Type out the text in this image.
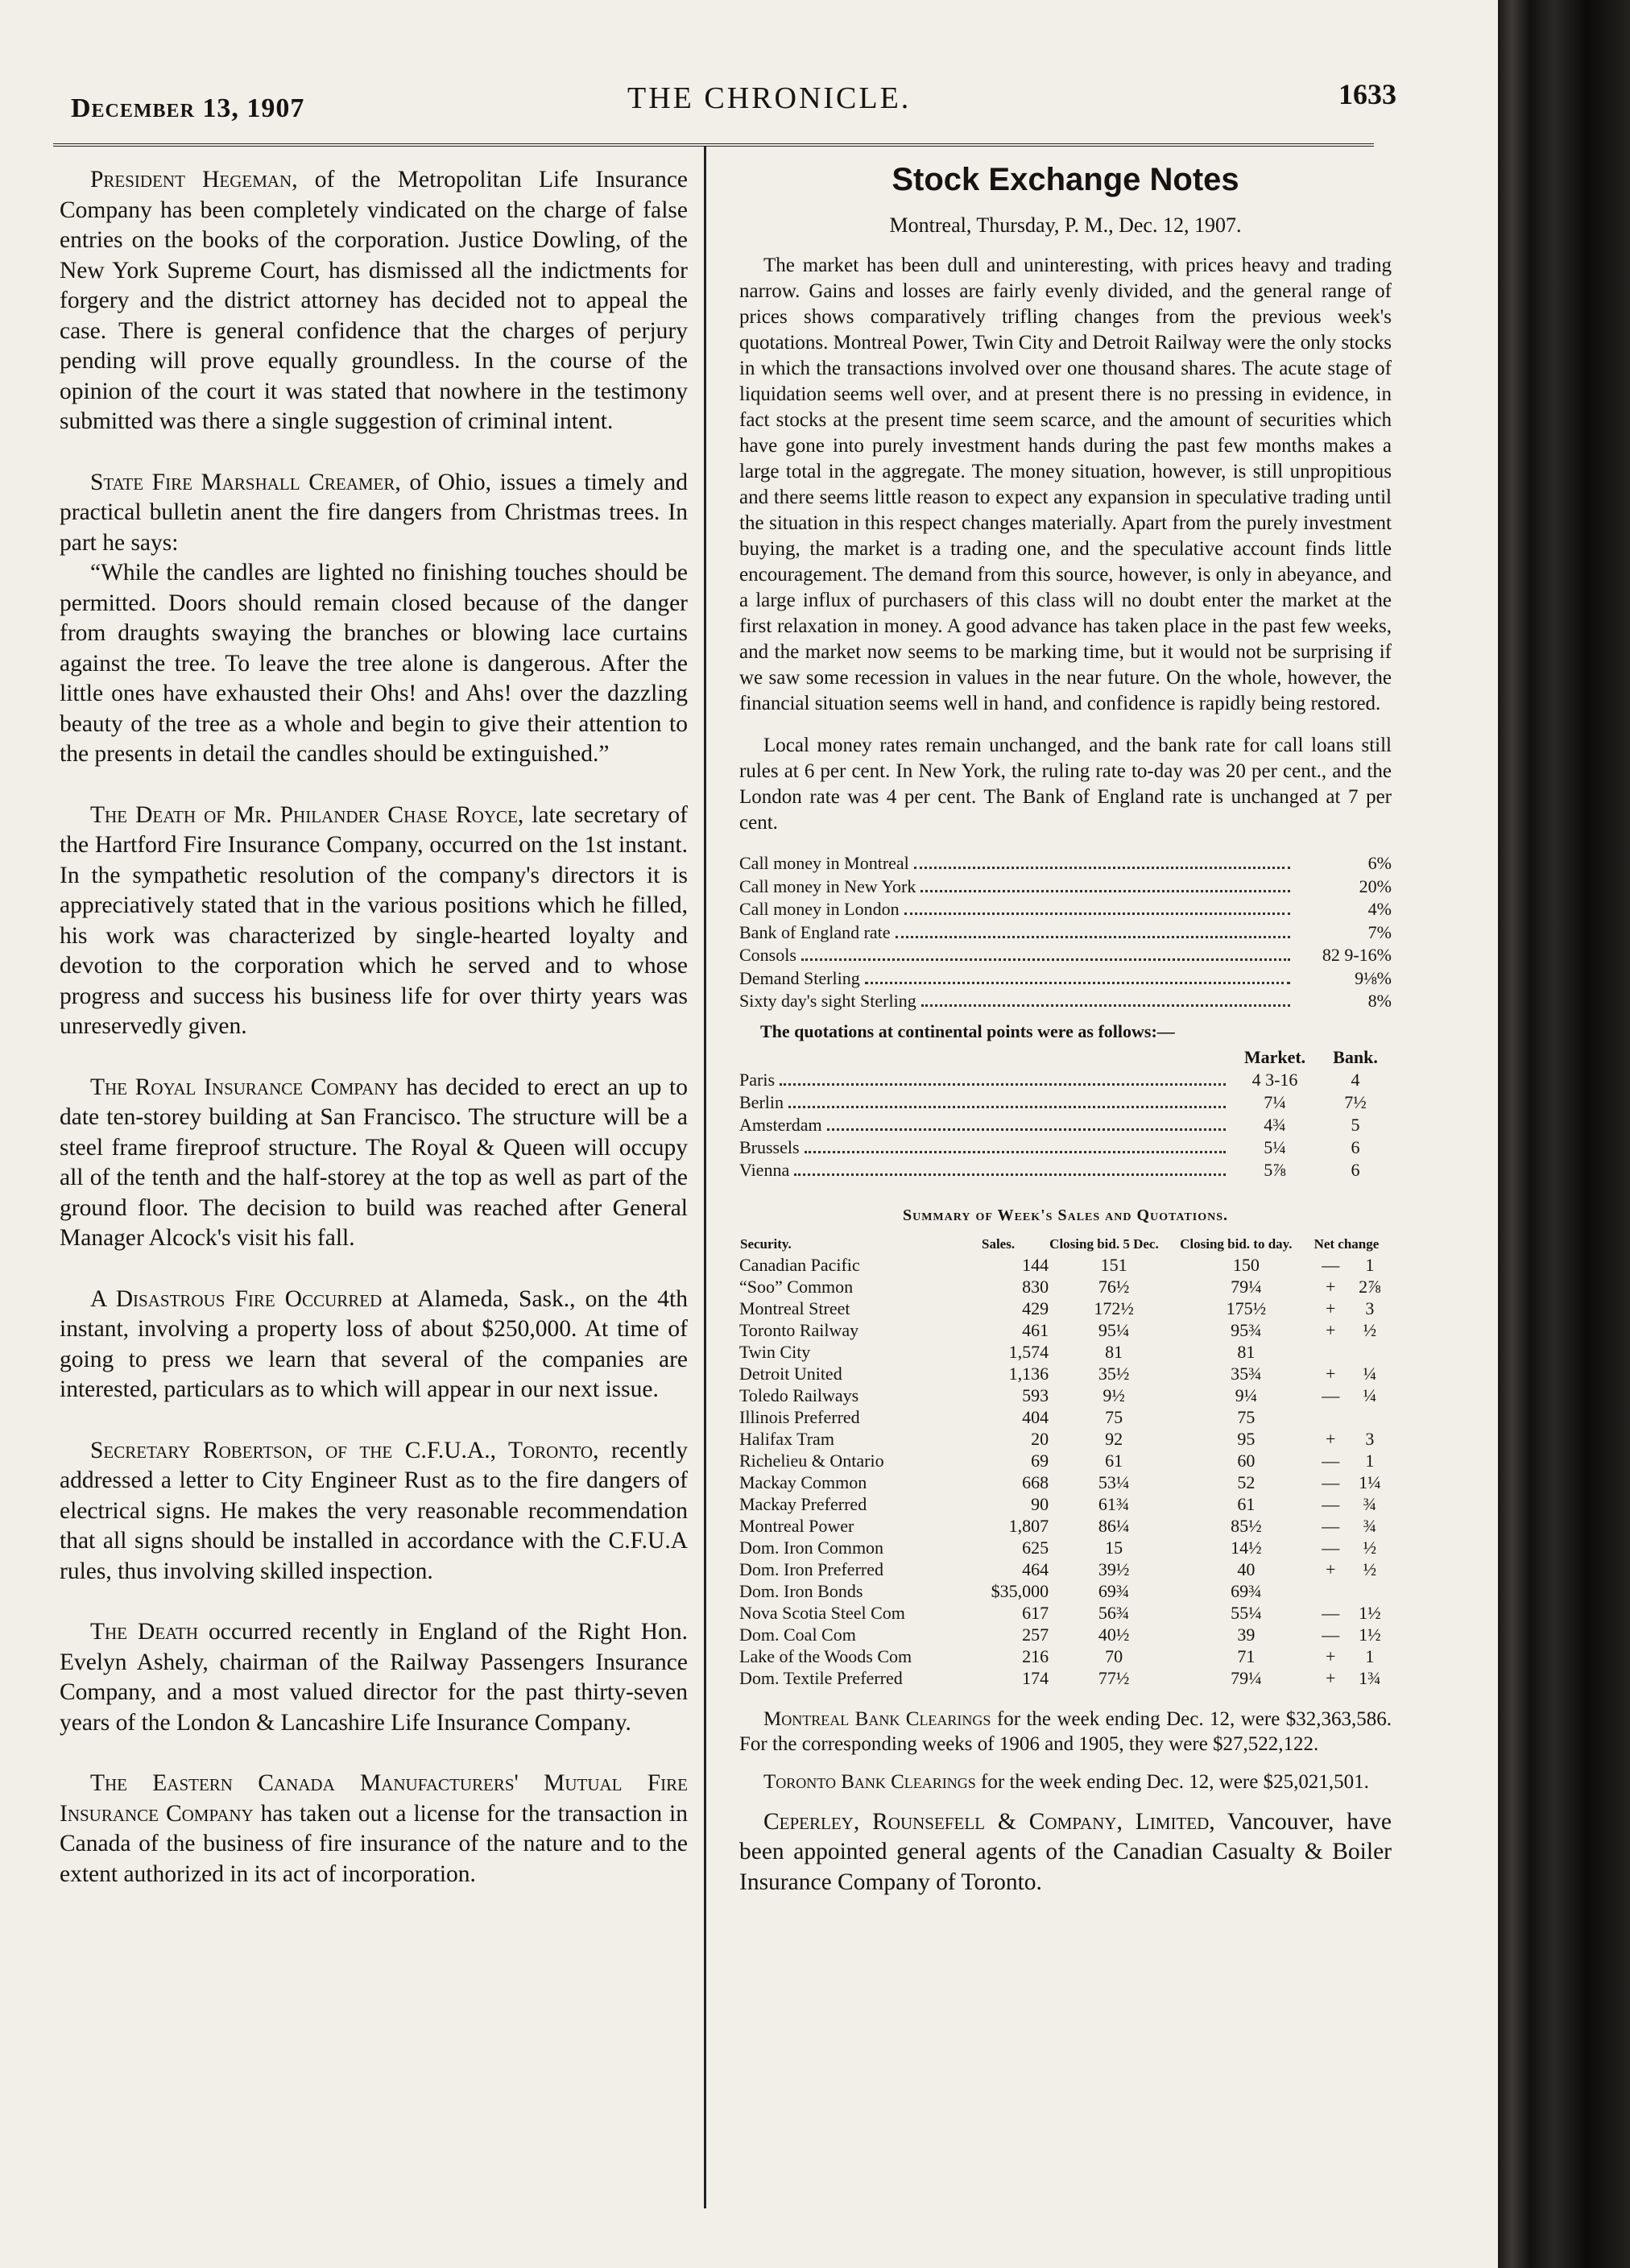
December 13, 1907	THE CHRONICLE.	1633

President Hegeman, of the Metropolitan Life Insurance Company has been completely vindicated on the charge of false entries on the books of the corporation. Justice Dowling, of the New York Supreme Court, has dismissed all the indictments for forgery and the district attorney has decided not to appeal the case. There is general confidence that the charges of perjury pending will prove equally groundless. In the course of the opinion of the court it was stated that nowhere in the testimony submitted was there a single suggestion of criminal intent.

State Fire Marshall Creamer, of Ohio, issues a timely and practical bulletin anent the fire dangers from Christmas trees. In part he says:

“While the candles are lighted no finishing touches should be permitted. Doors should remain closed because of the danger from draughts swaying the branches or blowing lace curtains against the tree. To leave the tree alone is dangerous. After the little ones have exhausted their Ohs! and Ahs! over the dazzling beauty of the tree as a whole and begin to give their attention to the presents in detail the candles should be extinguished.”

The Death of Mr. Philander Chase Royce, late secretary of the Hartford Fire Insurance Company, occurred on the 1st instant. In the sympathetic resolution of the company's directors it is appreciatively stated that in the various positions which he filled, his work was characterized by single-hearted loyalty and devotion to the corporation which he served and to whose progress and success his business life for over thirty years was unreservedly given.

The Royal Insurance Company has decided to erect an up to date ten-storey building at San Francisco. The structure will be a steel frame fireproof structure. The Royal & Queen will occupy all of the tenth and the half-storey at the top as well as part of the ground floor. The decision to build was reached after General Manager Alcock's visit his fall.

A Disastrous Fire Occurred at Alameda, Sask., on the 4th instant, involving a property loss of about $250,000. At time of going to press we learn that several of the companies are interested, particulars as to which will appear in our next issue.

Secretary Robertson, of the C.F.U.A., Toronto, recently addressed a letter to City Engineer Rust as to the fire dangers of electrical signs. He makes the very reasonable recommendation that all signs should be installed in accordance with the C.F.U.A rules, thus involving skilled inspection.

The Death occurred recently in England of the Right Hon. Evelyn Ashely, chairman of the Railway Passengers Insurance Company, and a most valued director for the past thirty-seven years of the London & Lancashire Life Insurance Company.

The Eastern Canada Manufacturers' Mutual Fire Insurance Company has taken out a license for the transaction in Canada of the business of fire insurance of the nature and to the extent authorized in its act of incorporation.

Stock Exchange Notes
Montreal, Thursday, P. M., Dec. 12, 1907.

The market has been dull and uninteresting, with prices heavy and trading narrow. Gains and losses are fairly evenly divided, and the general range of prices shows comparatively trifling changes from the previous week's quotations. Montreal Power, Twin City and Detroit Railway were the only stocks in which the transactions involved over one thousand shares. The acute stage of liquidation seems well over, and at present there is no pressing in evidence, in fact stocks at the present time seem scarce, and the amount of securities which have gone into purely investment hands during the past few months makes a large total in the aggregate. The money situation, however, is still unpropitious and there seems little reason to expect any expansion in speculative trading until the situation in this respect changes materially. Apart from the purely investment buying, the market is a trading one, and the speculative account finds little encouragement. The demand from this source, however, is only in abeyance, and a large influx of purchasers of this class will no doubt enter the market at the first relaxation in money. A good advance has taken place in the past few weeks, and the market now seems to be marking time, but it would not be surprising if we saw some recession in values in the near future. On the whole, however, the financial situation seems well in hand, and confidence is rapidly being restored.

Local money rates remain unchanged, and the bank rate for call loans still rules at 6 per cent. In New York, the ruling rate to-day was 20 per cent., and the London rate was 4 per cent. The Bank of England rate is unchanged at 7 per cent.

Call money in Montreal	6%
Call money in New York	20%
Call money in London	4%
Bank of England rate	7%
Consols	82 9-16%
Demand Sterling	9⅛%
Sixty day's sight Sterling	8%
The quotations at continental points were as follows:—
Market.	Bank.
Paris	4 3-16	4
Berlin	7¼	7½
Amsterdam	4¾	5
Brussels	5¼	6
Vienna	5⅞	6
Summary of Week's Sales and Quotations.
Security.	Sales.	Closing bid. 5 Dec.	Closing bid. to day.	Net change	
Canadian Pacific	144	151	150	—	1
“Soo” Common	830	76½	79¼	+	2⅞
Montreal Street	429	172½	175½	+	3
Toronto Railway	461	95¼	95¾	+	½
Twin City	1,574	81	81		
Detroit United	1,136	35½	35¾	+	¼
Toledo Railways	593	9½	9¼	—	¼
Illinois Preferred	404	75	75		
Halifax Tram	20	92	95	+	3
Richelieu & Ontario	69	61	60	—	1
Mackay Common	668	53¼	52	—	1¼
Mackay Preferred	90	61¾	61	—	¾
Montreal Power	1,807	86¼	85½	—	¾
Dom. Iron Common	625	15	14½	—	½
Dom. Iron Preferred	464	39½	40	+	½
Dom. Iron Bonds	$35,000	69¾	69¾		
Nova Scotia Steel Com	617	56¾	55¼	—	1½
Dom. Coal Com	257	40½	39	—	1½
Lake of the Woods Com	216	70	71	+	1
Dom. Textile Preferred	174	77½	79¼	+	1¾

Montreal Bank Clearings for the week ending Dec. 12, were $32,363,586. For the corresponding weeks of 1906 and 1905, they were $27,522,122.

Toronto Bank Clearings for the week ending Dec. 12, were $25,021,501.

Ceperley, Rounsefell & Company, Limited, Vancouver, have been appointed general agents of the Canadian Casualty & Boiler Insurance Company of Toronto.
